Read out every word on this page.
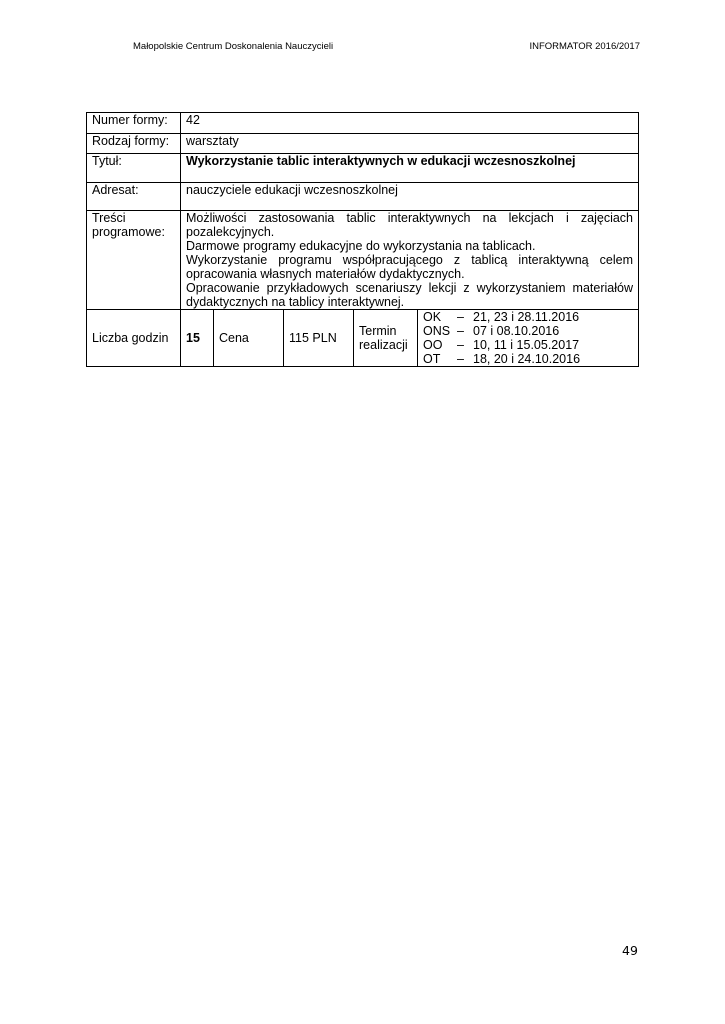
Małopolskie Centrum Doskonalenia Nauczycieli	INFORMATOR 2016/2017
Numer formy:	42
Rodzaj formy:	warsztaty
Tytuł:	Wykorzystanie tablic interaktywnych w edukacji wczesnoszkolnej
Adresat:	nauczyciele edukacji wczesnoszkolnej
Treści programowe:	

Możliwości zastosowania tablic interaktywnych na lekcjach i zajęciach pozalekcyjnych.

Darmowe programy edukacyjne do wykorzystania na tablicach.

Wykorzystanie programu współpracującego z tablicą interaktywną celem opracowania własnych materiałów dydaktycznych.

Opracowanie przykładowych scenariuszy lekcji z wykorzystaniem materiałów dydaktycznych na tablicy interaktywnej.

Liczba godzin	15	Cena	115 PLN	Termin realizacji	
OK	– 21, 23 i 28.11.2016
ONS – 07 i 08.10.2016
OO	– 10, 11 i 15.05.2017
OT	– 18, 20 i 24.10.2016
49
